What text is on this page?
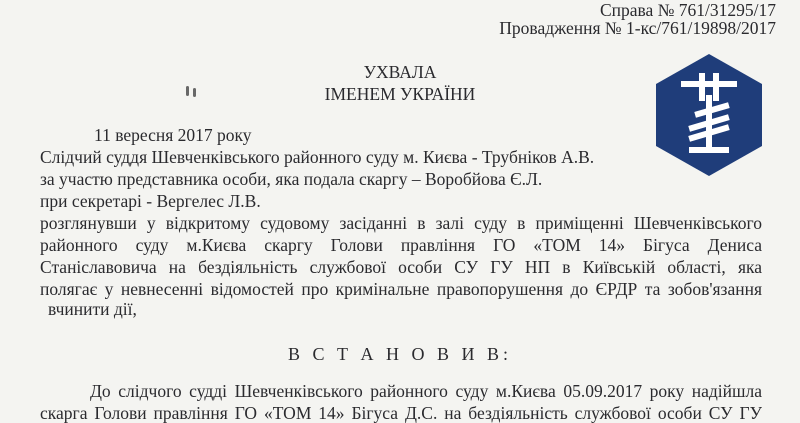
Справа № 761/31295/17
Провадження № 1-кс/761/19898/2017
УХВАЛА
ІМЕНЕМ УКРАЇНИ
11 вересня 2017 року
Слідчий суддя Шевченківського районного суду м. Києва - Трубніков А.В.
за участю представника особи, яка подала скаргу – Воробйова Є.Л.
при секретарі - Вергелес Л.В.
розглянувши у відкритому судовому засіданні в залі суду в приміщенні Шевченківського
районного суду м.Києва скаргу Голови правління ГО «ТОМ 14» Бігуса Дениса
Станіславовича на бездіяльність службової особи СУ ГУ НП в Київській області, яка
полягає у невнесенні відомостей про кримінальне правопорушення до ЄРДР та зобов'язання
вчинити дії,
В С Т А Н О В И В:
До слідчого судді Шевченківського районного суду м.Києва 05.09.2017 року надійшла
скарга Голови правління ГО «ТОМ 14» Бігуса Д.С. на бездіяльність службової особи СУ ГУ
